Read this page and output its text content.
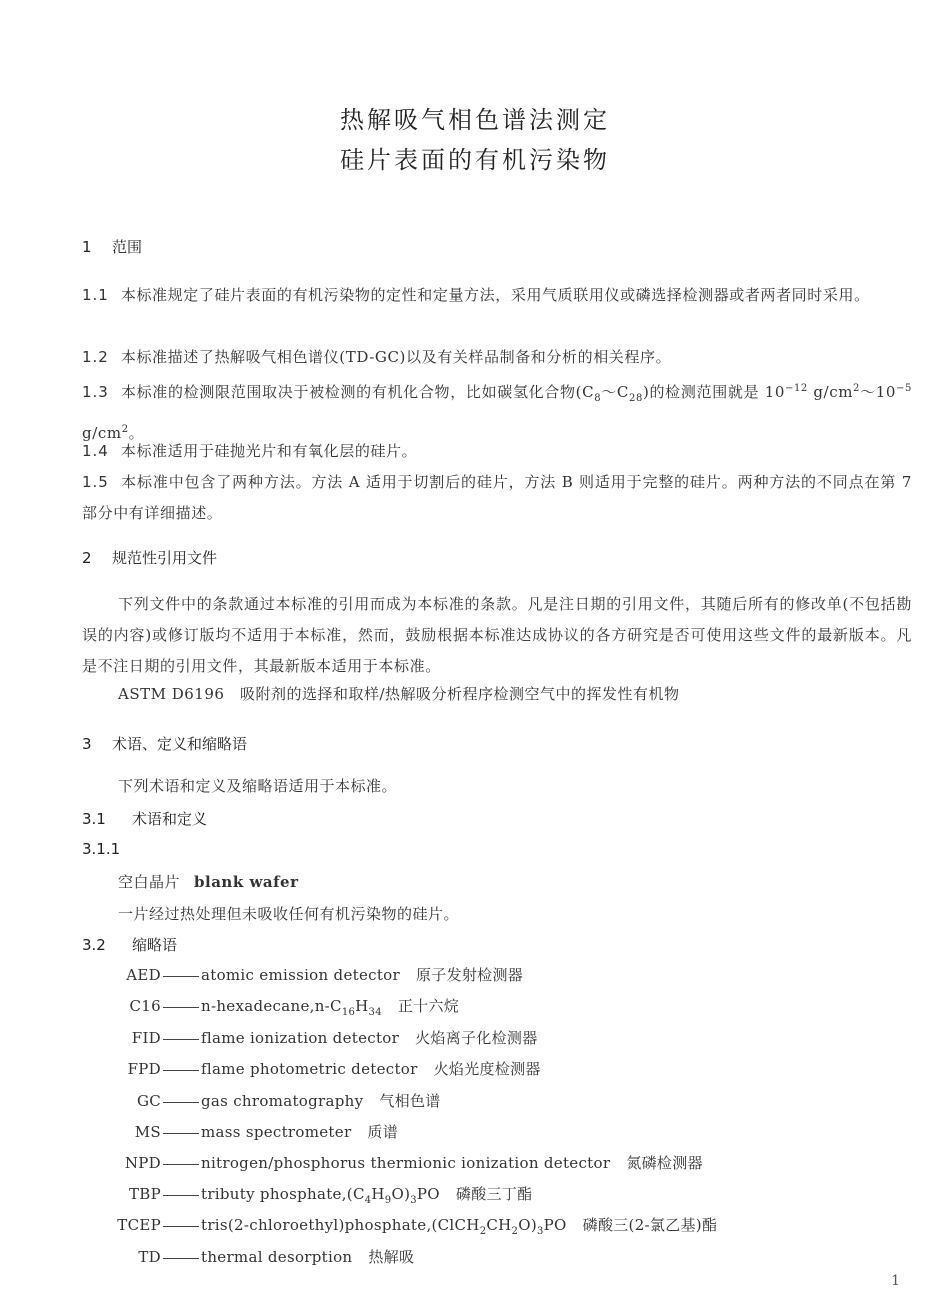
热解吸气相色谱法测定
硅片表面的有机污染物
1 范围
1.1 本标准规定了硅片表面的有机污染物的定性和定量方法，采用气质联用仪或磷选择检测器或者两者同时采用。
1.2 本标准描述了热解吸气相色谱仪(TD-GC)以及有关样品制备和分析的相关程序。
1.3 本标准的检测限范围取决于被检测的有机化合物，比如碳氢化合物$(C_8\sim C_{28})$的检测范围就是 $10^{-12}$ $g/cm^2\sim 10^{-5}$ $g/cm^2$。
1.4 本标准适用于硅抛光片和有氧化层的硅片。
1.5 本标准中包含了两种方法。方法 A 适用于切割后的硅片，方法 B 则适用于完整的硅片。两种方法的不同点在第 7 部分中有详细描述。
2 规范性引用文件
下列文件中的条款通过本标准的引用而成为本标准的条款。凡是注日期的引用文件，其随后所有的修改单(不包括勘误的内容)或修订版均不适用于本标准，然而，鼓励根据本标准达成协议的各方研究是否可使用这些文件的最新版本。凡是不注日期的引用文件，其最新版本适用于本标准。
ASTM D6196　吸附剂的选择和取样/热解吸分析程序检测空气中的挥发性有机物
3 术语、定义和缩略语
下列术语和定义及缩略语适用于本标准。
3.1 术语和定义
3.1.1
空白晶片 blank wafer
一片经过热处理但未吸收任何有机污染物的硅片。
3.2 缩略语
AED	atomic emission detector 原子发射检测器
C16	$n-hexadecane,n-C_{16}H_{34}$ 正十六烷
FID	flame ionization detector 火焰离子化检测器
FPD	flame photometric detector 火焰光度检测器
GC	gas chromatography 气相色谱
MS	mass spectrometer 质谱
NPD	nitrogen/phosphorus thermionic ionization detector 氮磷检测器
TBP	tributy $phosphate,(C_4H_9O)_3PO$ 磷酸三丁酯
TCEP	$tris(2-chloroethyl)phosphate,(ClCH_2CH_2O)_3PO$ 磷酸三(2-氯乙基)酯
TD	thermal desorption 热解吸
1
